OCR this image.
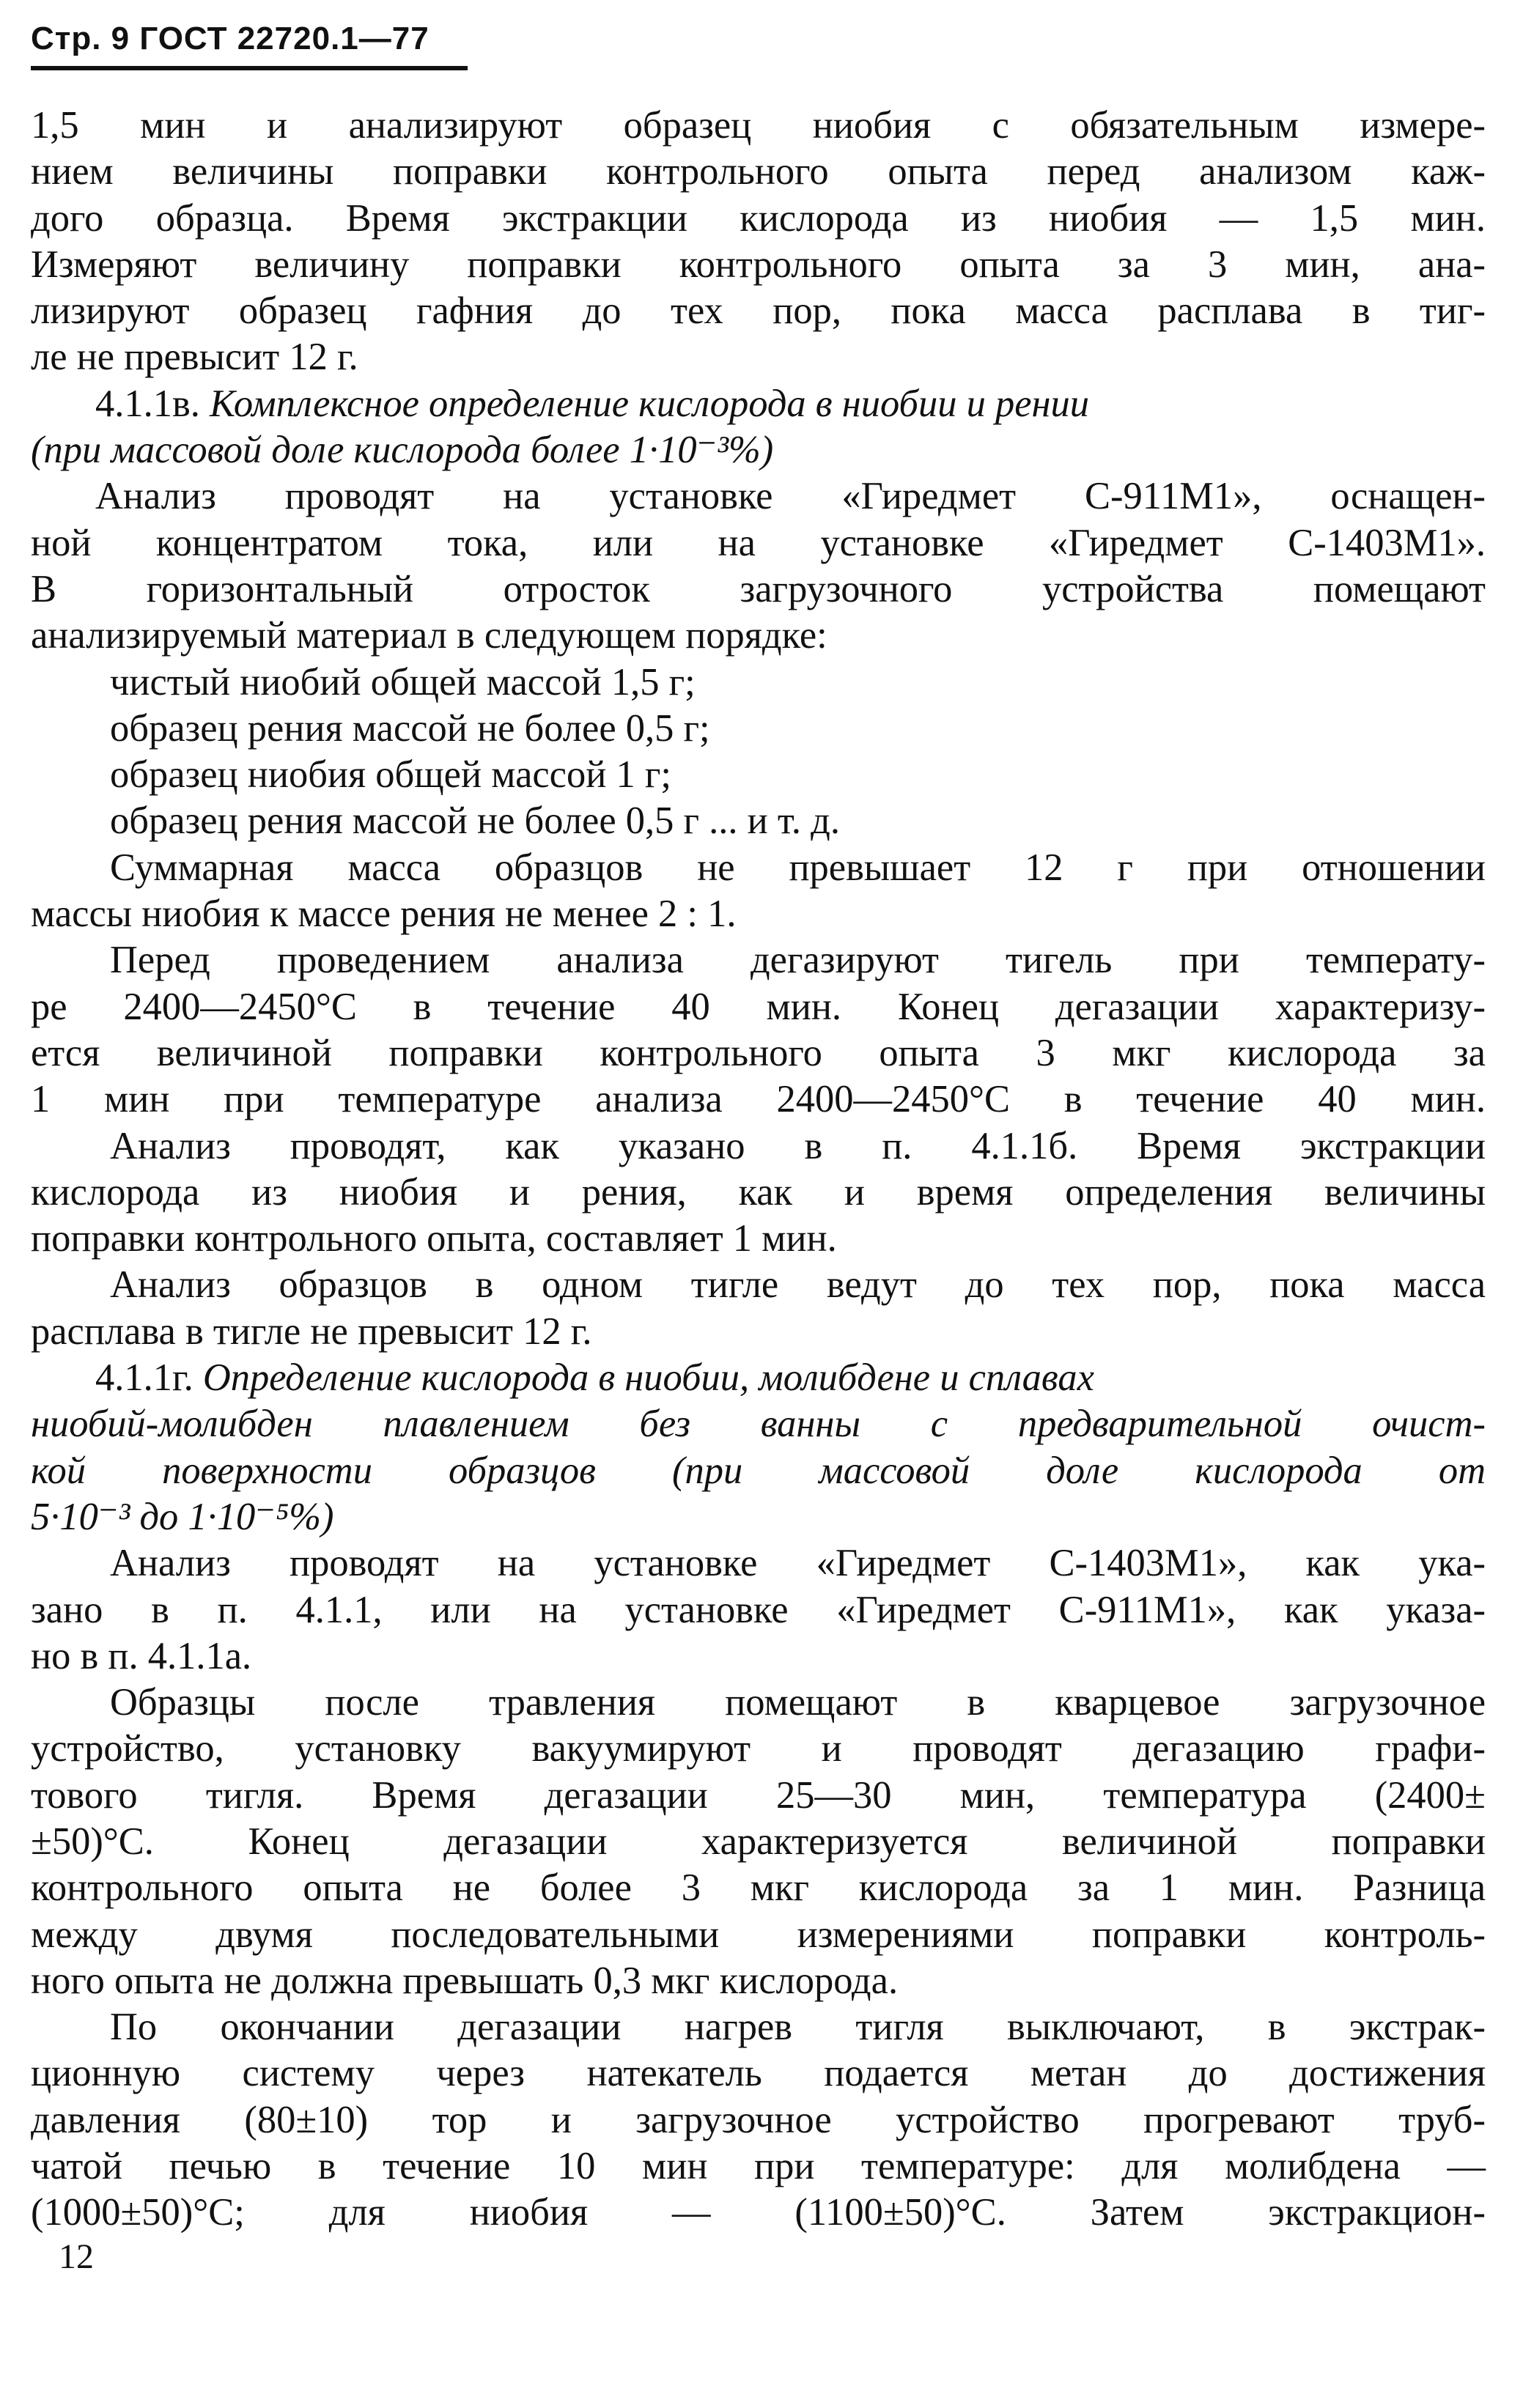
Стр. 9 ГОСТ 22720.1—77
1,5 мин и анализируют образец ниобия с обязательным измере-
нием величины поправки контрольного опыта перед анализом каж-
дого образца. Время экстракции кислорода из ниобия — 1,5 мин.
Измеряют величину поправки контрольного опыта за 3 мин, ана-
лизируют образец гафния до тех пор, пока масса расплава в тиг-
ле не превысит 12 г.
4.1.1в. Комплексное определение кислорода в ниобии и рении
(при массовой доле кислорода более 1·10⁻³%)
Анализ проводят на установке «Гиредмет С-911М1», оснащен-
ной концентратом тока, или на установке «Гиредмет С-1403М1».
В горизонтальный отросток загрузочного устройства помещают
анализируемый материал в следующем порядке:
чистый ниобий общей массой 1,5 г;
образец рения массой не более 0,5 г;
образец ниобия общей массой 1 г;
образец рения массой не более 0,5 г ... и т. д.
Суммарная масса образцов не превышает 12 г при отношении
массы ниобия к массе рения не менее 2 : 1.
Перед проведением анализа дегазируют тигель при температу-
ре 2400—2450°С в течение 40 мин. Конец дегазации характеризу-
ется величиной поправки контрольного опыта 3 мкг кислорода за
1 мин при температуре анализа 2400—2450°С в течение 40 мин.
Анализ проводят, как указано в п. 4.1.1б. Время экстракции
кислорода из ниобия и рения, как и время определения величины
поправки контрольного опыта, составляет 1 мин.
Анализ образцов в одном тигле ведут до тех пор, пока масса
расплава в тигле не превысит 12 г.
4.1.1г. Определение кислорода в ниобии, молибдене и сплавах
ниобий-молибден плавлением без ванны с предварительной очист-
кой поверхности образцов (при массовой доле кислорода от
5·10⁻³ до 1·10⁻⁵%)
Анализ проводят на установке «Гиредмет С-1403М1», как ука-
зано в п. 4.1.1, или на установке «Гиредмет С-911М1», как указа-
но в п. 4.1.1а.
Образцы после травления помещают в кварцевое загрузочное
устройство, установку вакуумируют и проводят дегазацию графи-
тового тигля. Время дегазации 25—30 мин, температура (2400±
±50)°С. Конец дегазации характеризуется величиной поправки
контрольного опыта не более 3 мкг кислорода за 1 мин. Разница
между двумя последовательными измерениями поправки контроль-
ного опыта не должна превышать 0,3 мкг кислорода.
По окончании дегазации нагрев тигля выключают, в экстрак-
ционную систему через натекатель подается метан до достижения
давления (80±10) тор и загрузочное устройство прогревают труб-
чатой печью в течение 10 мин при температуре: для молибдена —
(1000±50)°С; для ниобия — (1100±50)°С. Затем экстракцион-
12
